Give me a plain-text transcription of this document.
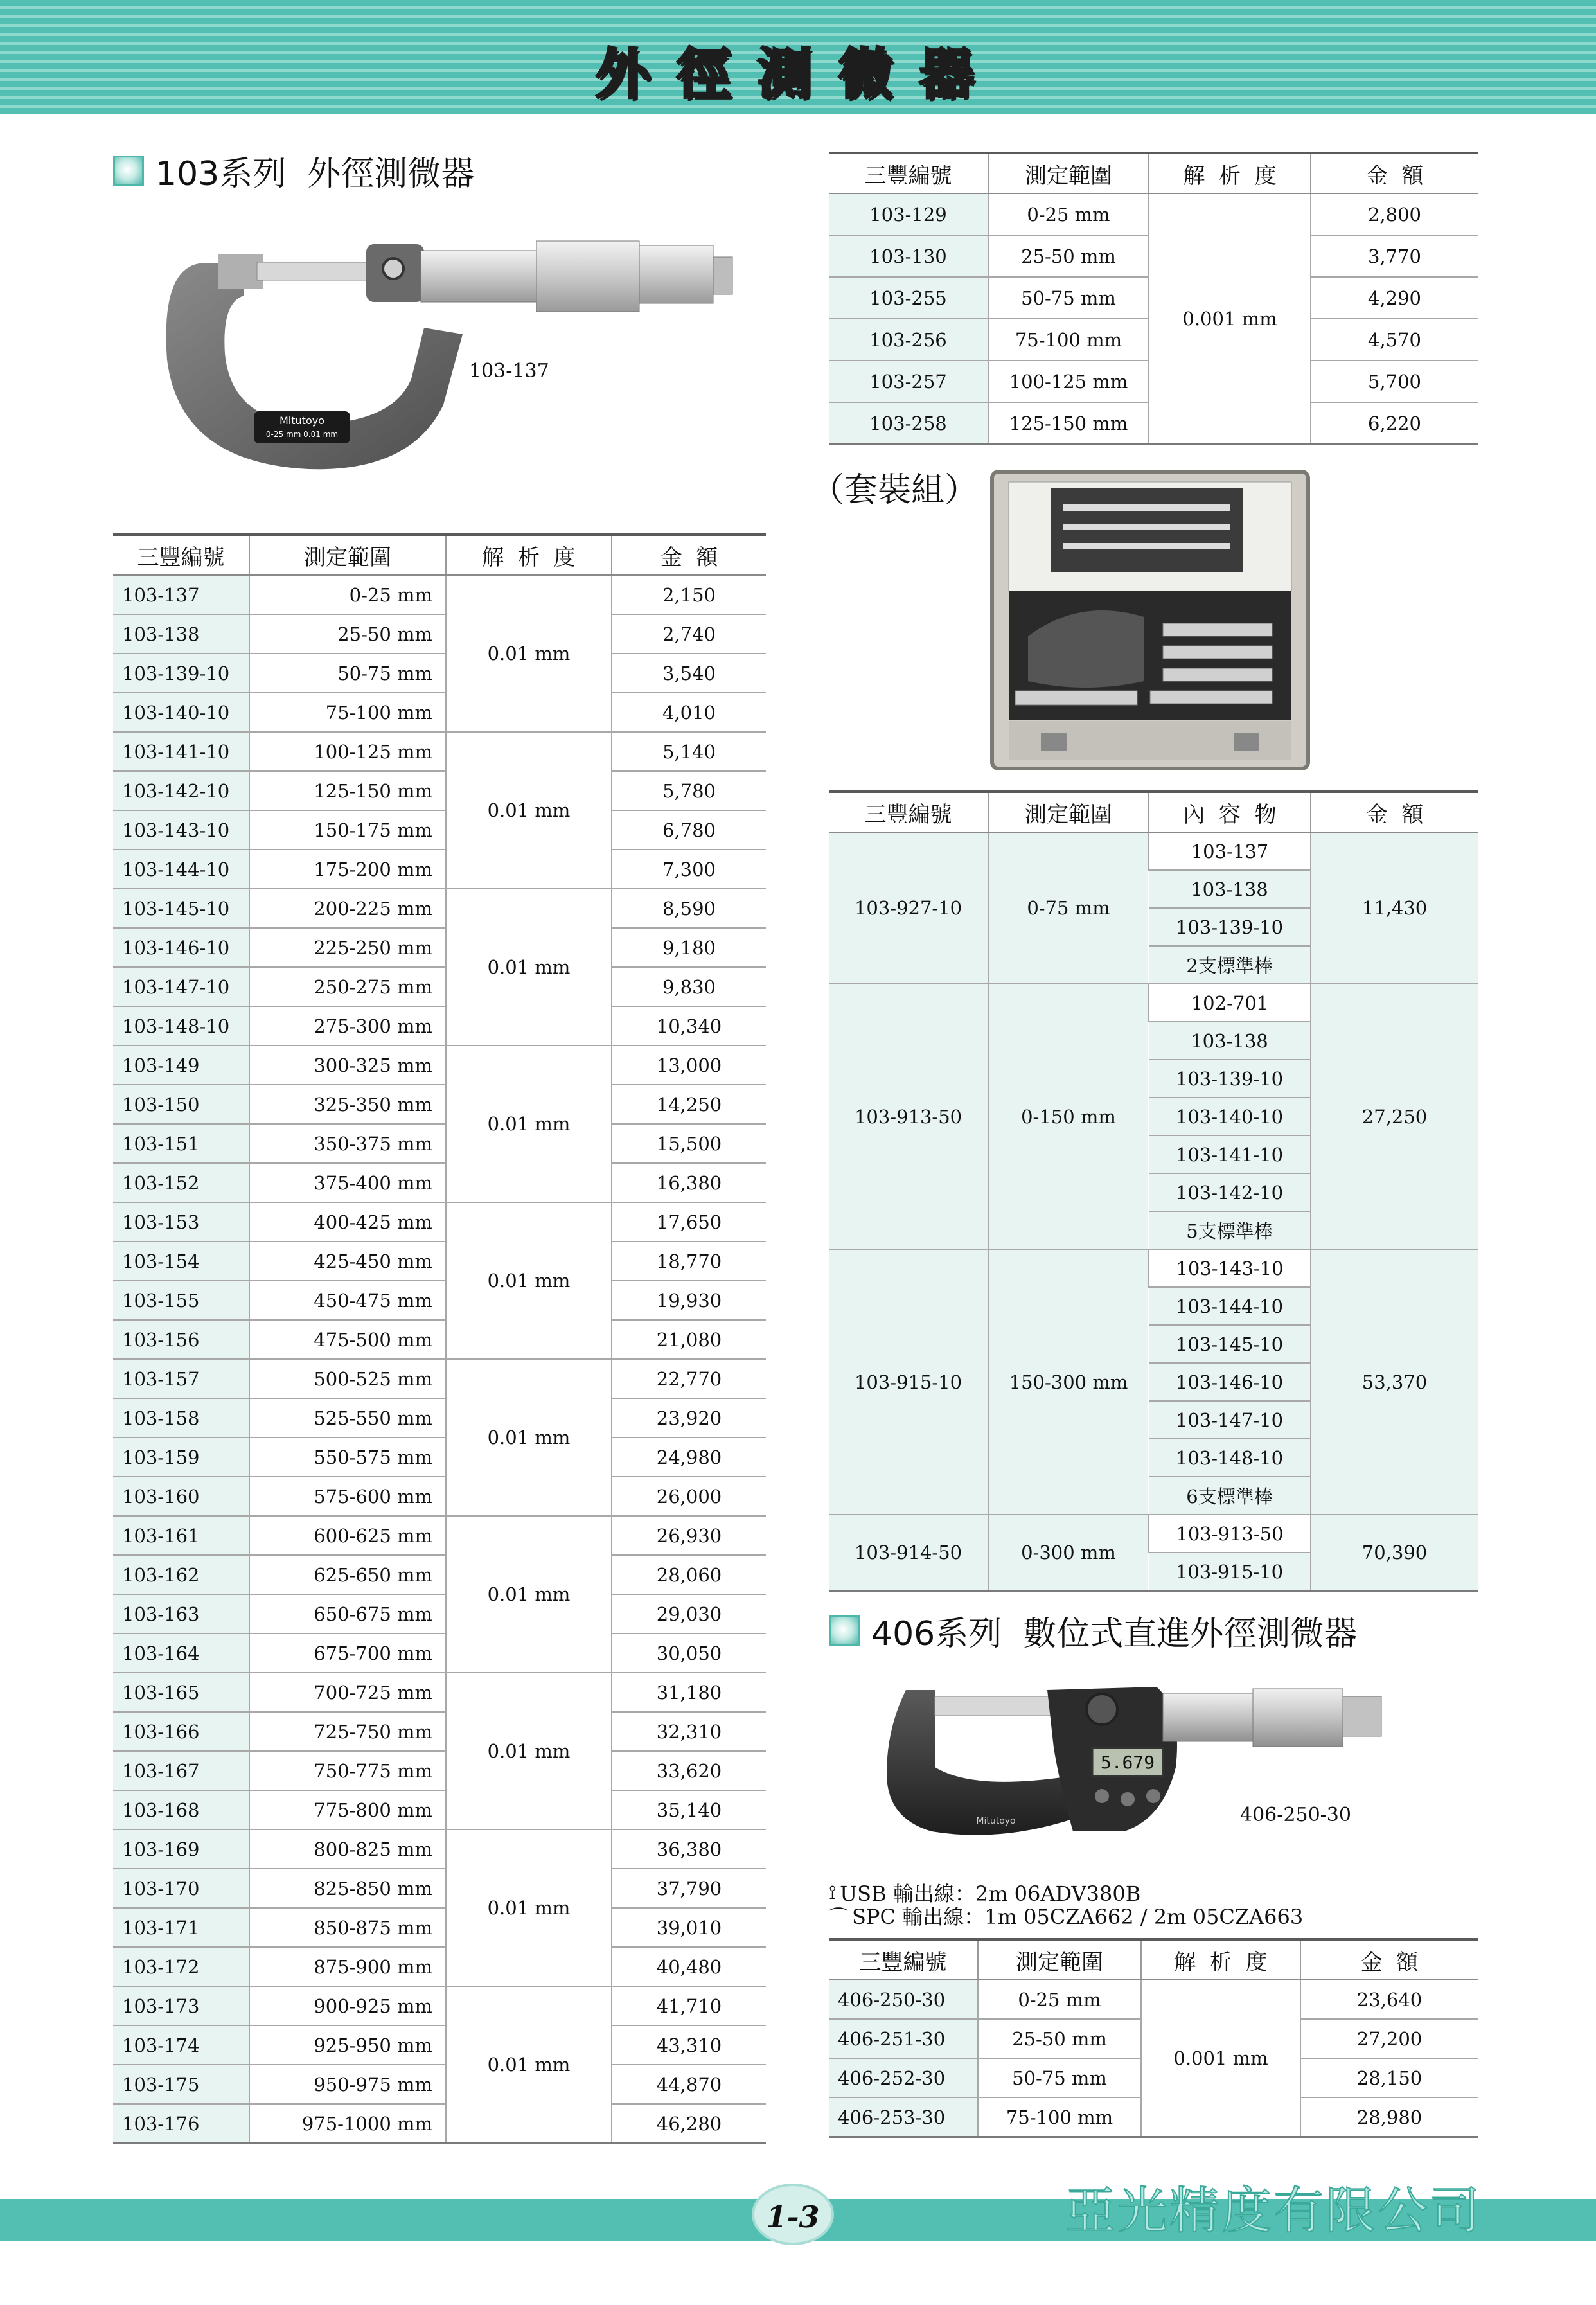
外徑測微器
103系列  外徑測微器
Mitutoyo
0-25 mm 0.01 mm
103-137
三豐編號	測定範圍	解  析  度	金  額
103-137	0-25 mm	0.01 mm	2,150
103-138	25-50 mm		2,740
103-139-10	50-75 mm		3,540
103-140-10	75-100 mm		4,010
103-141-10	100-125 mm	0.01 mm	5,140
103-142-10	125-150 mm		5,780
103-143-10	150-175 mm		6,780
103-144-10	175-200 mm		7,300
103-145-10	200-225 mm	0.01 mm	8,590
103-146-10	225-250 mm		9,180
103-147-10	250-275 mm		9,830
103-148-10	275-300 mm		10,340
103-149	300-325 mm	0.01 mm	13,000
103-150	325-350 mm		14,250
103-151	350-375 mm		15,500
103-152	375-400 mm		16,380
103-153	400-425 mm	0.01 mm	17,650
103-154	425-450 mm		18,770
103-155	450-475 mm		19,930
103-156	475-500 mm		21,080
103-157	500-525 mm	0.01 mm	22,770
103-158	525-550 mm		23,920
103-159	550-575 mm		24,980
103-160	575-600 mm		26,000
103-161	600-625 mm	0.01 mm	26,930
103-162	625-650 mm		28,060
103-163	650-675 mm		29,030
103-164	675-700 mm		30,050
103-165	700-725 mm	0.01 mm	31,180
103-166	725-750 mm		32,310
103-167	750-775 mm		33,620
103-168	775-800 mm		35,140
103-169	800-825 mm	0.01 mm	36,380
103-170	825-850 mm		37,790
103-171	850-875 mm		39,010
103-172	875-900 mm		40,480
103-173	900-925 mm	0.01 mm	41,710
103-174	925-950 mm		43,310
103-175	950-975 mm		44,870
103-176	975-1000 mm		46,280
三豐編號	測定範圍	解  析  度	金  額
103-129	0-25 mm	0.001 mm	2,800
103-130	25-50 mm		3,770
103-255	50-75 mm		4,290
103-256	75-100 mm		4,570
103-257	100-125 mm		5,700
103-258	125-150 mm		6,220
（套裝組）
三豐編號	測定範圍	內  容  物	金  額
103-927-10	0-75 mm	103-137	11,430
		103-138	
		103-139-10	
		2支標準棒	
103-913-50	0-150 mm	102-701	27,250
		103-138	
		103-139-10	
		103-140-10	
		103-141-10	
		103-142-10	
		5支標準棒	
103-915-10	150-300 mm	103-143-10	53,370
		103-144-10	
		103-145-10	
		103-146-10	
		103-147-10	
		103-148-10	
		6支標準棒	
103-914-50	0-300 mm	103-913-50	70,390
		103-915-10	
406系列  數位式直進外徑測微器
5.679
Mitutoyo	406-250-30
⟟ USB 輸出線：2m 06ADV380B
⌒ SPC 輸出線：1m 05CZA662 / 2m 05CZA663
三豐編號	測定範圍	解  析  度	金  額
406-250-30	0-25 mm	0.001 mm	23,640
406-251-30	25-50 mm		27,200
406-252-30	50-75 mm		28,150
406-253-30	75-100 mm		28,980
1-3	亞光精度有限公司
